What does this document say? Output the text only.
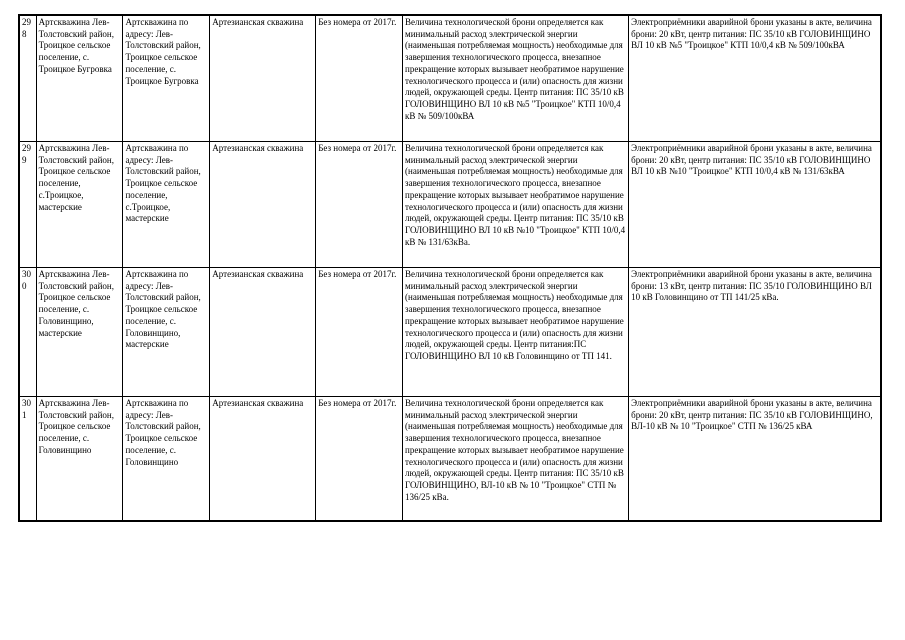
298	Артскважина Лев-Толстовский район, Троицкое сельское поселение, с. Троицкое Бугровка	Артскважина по адресу: Лев-Толстовский район, Троицкое сельское поселение, с. Троицкое Бугровка	Артезианская скважина	Без номера от 2017г.	Величина технологической брони определяется как минимальный расход электрической энергии (наименьшая потребляемая мощность) необходимые для завершения технологического процесса, внезапное прекращение которых вызывает необратимое нарушение технологического процесса и (или) опасность для жизни людей, окружающей среды. Центр питания: ПС 35/10 кВ ГОЛОВИНЩИНО ВЛ 10 кВ №5 "Троицкое" КТП 10/0,4 кВ № 509/100кВА	Электроприёмники аварийной брони указаны в акте, величина брони: 20 кВт, центр питания: ПС 35/10 кВ ГОЛОВИНЩИНО ВЛ 10 кВ №5 "Троицкое" КТП 10/0,4 кВ № 509/100кВА
299	Артскважина Лев-Толстовский район, Троицкое сельское поселение, с.Троицкое, мастерские	Артскважина по адресу: Лев-Толстовский район, Троицкое сельское поселение, с.Троицкое, мастерские	Артезианская скважина	Без номера от 2017г.	Величина технологической брони определяется как минимальный расход электрической энергии (наименьшая потребляемая мощность) необходимые для завершения технологического процесса, внезапное прекращение которых вызывает необратимое нарушение технологического процесса и (или) опасность для жизни людей, окружающей среды. Центр питания: ПС 35/10 кВ ГОЛОВИНЩИНО ВЛ 10 кВ №10 "Троицкое" КТП 10/0,4 кВ № 131/63кВа.	Электроприёмники аварийной брони указаны в акте, величина брони: 20 кВт, центр питания: ПС 35/10 кВ ГОЛОВИНЩИНО ВЛ 10 кВ №10 "Троицкое" КТП 10/0,4 кВ № 131/63кВА
300	Артскважина Лев-Толстовский район, Троицкое сельское поселение, с. Головинщино, мастерские	Артскважина по адресу: Лев-Толстовский район, Троицкое сельское поселение, с. Головинщино, мастерские	Артезианская скважина	Без номера от 2017г.	Величина технологической брони определяется как минимальный расход электрической энергии (наименьшая потребляемая мощность) необходимые для завершения технологического процесса, внезапное прекращение которых вызывает необратимое нарушение технологического процесса и (или) опасность для жизни людей, окружающей среды. Центр питания:ПС ГОЛОВИНЩИНО ВЛ 10 кВ Головинщино от ТП 141.	Электроприёмники аварийной брони указаны в акте, величина брони: 13 кВт, центр питания: ПС 35/10 ГОЛОВИНЩИНО ВЛ 10 кВ Головинщино от ТП 141/25 кВа.
301	Артскважина Лев-Толстовский район, Троицкое сельское поселение, с. Головинщино	Артскважина по адресу: Лев-Толстовский район, Троицкое сельское поселение, с. Головинщино	Артезианская скважина	Без номера от 2017г.	Величина технологической брони определяется как минимальный расход электрической энергии (наименьшая потребляемая мощность) необходимые для завершения технологического процесса, внезапное прекращение которых вызывает необратимое нарушение технологического процесса и (или) опасность для жизни людей, окружающей среды. Центр питания: ПС 35/10 кВ ГОЛОВИНЩИНО, ВЛ-10 кВ № 10 "Троицкое" СТП № 136/25 кВа.	Электроприёмники аварийной брони указаны в акте, величина брони: 20 кВт, центр питания: ПС 35/10 кВ ГОЛОВИНЩИНО, ВЛ-10 кВ № 10 "Троицкое" СТП № 136/25 кВА
